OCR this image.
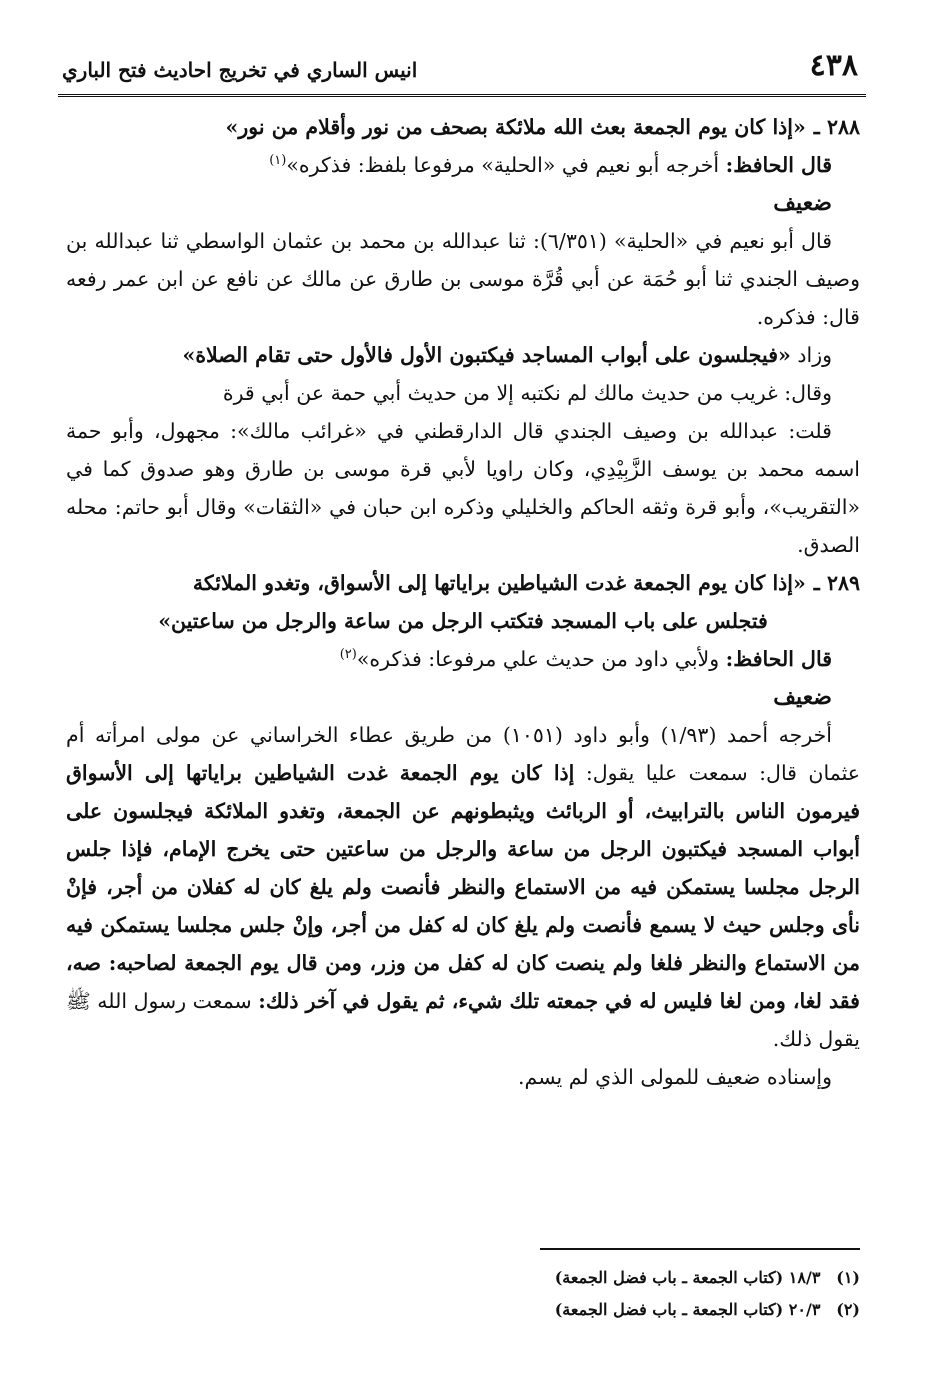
٤٣٨
انيس الساري في تخريج احاديث فتح الباري

٢٨٨ ـ«إذا كان يوم الجمعة بعث الله ملائكة بصحف من نور وأقلام من نور»

قال الحافظ: أخرجه أبو نعيم في «الحلية» مرفوعا بلفظ: فذكره»$^{(١)}$

ضعيف

قال أبو نعيم في «الحلية» (٦/٣٥١): ثنا عبدالله بن محمد بن عثمان الواسطي ثنا عبدالله بن وصيف الجندي ثنا أبو حُمَة عن أبي قُرَّة موسى بن طارق عن مالك عن نافع عن ابن عمر رفعه قال: فذكره.

وزاد «فيجلسون على أبواب المساجد فيكتبون الأول فالأول حتى تقام الصلاة»

وقال: غريب من حديث مالك لم نكتبه إلا من حديث أبي حمة عن أبي قرة

قلت: عبدالله بن وصيف الجندي قال الدارقطني في «غرائب مالك»: مجهول، وأبو حمة اسمه محمد بن يوسف الزَّبِيْدِي، وكان راويا لأبي قرة موسى بن طارق وهو صدوق كما في «التقريب»، وأبو قرة وثقه الحاكم والخليلي وذكره ابن حبان في «الثقات» وقال أبو حاتم: محله الصدق.

٢٨٩ ـ«إذا كان يوم الجمعة غدت الشياطين براياتها إلى الأسواق، وتغدو الملائكة

فتجلس على باب المسجد فتكتب الرجل من ساعة والرجل من ساعتين»

قال الحافظ: ولأبي داود من حديث علي مرفوعا: فذكره»$^{(٢)}$

ضعيف

أخرجه أحمد (١/٩٣) وأبو داود (١٠٥١) من طريق عطاء الخراساني عن مولى امرأته أم عثمان قال: سمعت عليا يقول: إذا كان يوم الجمعة غدت الشياطين براياتها إلى الأسواق فيرمون الناس بالترابيث، أو الربائث ويثبطونهم عن الجمعة، وتغدو الملائكة فيجلسون على أبواب المسجد فيكتبون الرجل من ساعة والرجل من ساعتين حتى يخرج الإمام، فإذا جلس الرجل مجلسا يستمكن فيه من الاستماع والنظر فأنصت ولم يلغ كان له كفلان من أجر، فإنْ نأى وجلس حيث لا يسمع فأنصت ولم يلغ كان له كفل من أجر، وإنْ جلس مجلسا يستمكن فيه من الاستماع والنظر فلغا ولم ينصت كان له كفل من وزر، ومن قال يوم الجمعة لصاحبه: صه، فقد لغا، ومن لغا فليس له في جمعته تلك شيء، ثم يقول في آخر ذلك: سمعت رسول الله ﷺ يقول ذلك.

وإسناده ضعيف للمولى الذي لم يسم.

(١) ١٨/٣ (كتاب الجمعة ـ باب فضل الجمعة)
(٢) ٢٠/٣ (كتاب الجمعة ـ باب فضل الجمعة)
